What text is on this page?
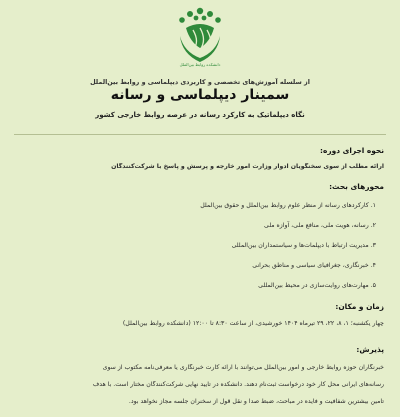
دانشکده روابط بین‌الملل
از سلسله آموزش‌های تخصصی و کاربردی دیپلماسی و روابط بین‌الملل
سمینار دیپلماسی و رسانه
نگاه دیپلماتیک به کارکرد رسانه در عرصه روابط خارجی کشور
نحوه اجرای دوره:
ارائه مطلب از سوی سخنگویان ادوار وزارت امور خارجه و پرسش و پاسخ با شرکت‌کنندگان
محورهای بحث:
۱. کارکردهای رسانه از منظر علوم روابط بین‌الملل و حقوق بین‌الملل
۲. رسانه، هویت ملی، منافع ملی، آوازه ملی
۳. مدیریت ارتباط با دیپلمات‌ها و سیاستمداران بین‌المللی
۴. خبرنگاری، جغرافیای سیاسی و مناطق بحرانی
۵. مهارت‌های روایت‌سازی در محیط بین‌المللی
زمان و مکان:
چهار یکشنبه؛ ۱، ۸، ۲۲، ۲۹ تیرماه ۱۴۰۴ خورشیدی، از ساعت ۸:۳۰ تا ۱۲:۰۰ (دانشکده روابط بین‌الملل)
پذیرش:
خبرنگاران حوزه روابط خارجی و امور بین‌الملل می‌توانند با ارائه کارت خبرنگاری یا معرفی‌نامه مکتوب از سوی
رسانه‌های ایرانی محل کار خود درخواست ثبت‌نام دهند. دانشکده در تایید نهایی شرکت‌کنندگان مختار است. با هدف
تامین بیشترین شفافیت و فایده در مباحث، ضبط صدا و نقل قول از سخنران جلسه مجاز نخواهد بود.
